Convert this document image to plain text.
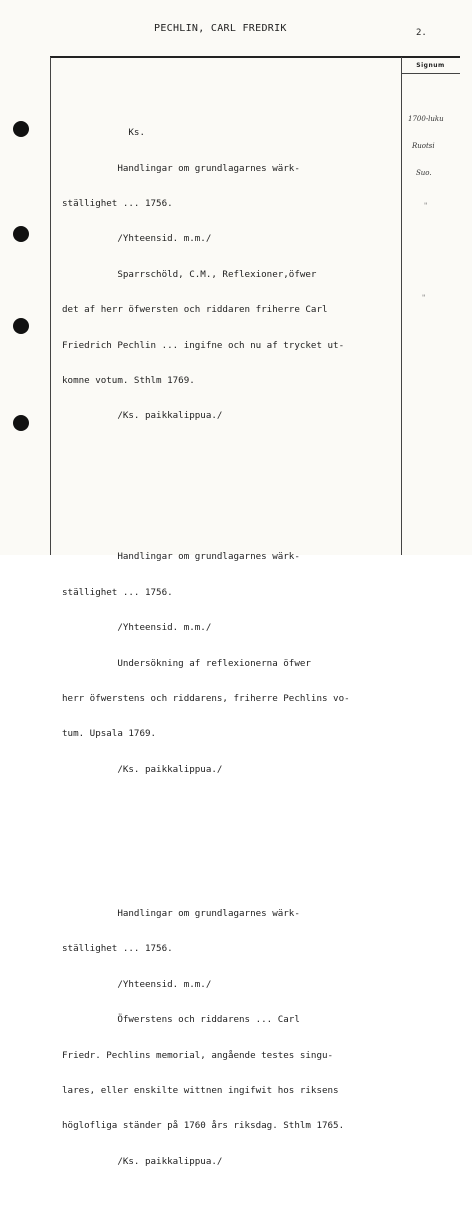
PECHLIN, CARL FREDRIK	2.
Signum

1700-luku

Ruotsi

Suo.

"
"

Ks.

Handlingar om grundlagarnes wärk-

ställighet ... 1756.

/Yhteensid. m.m./

Sparrschöld, C.M., Reflexioner,öfwer

det af herr öfwersten och riddaren friherre Carl

Friedrich Pechlin ... ingifne och nu af trycket ut-

komne votum. Sthlm 1769.

/Ks. paikkalippua./

Handlingar om grundlagarnes wärk-

ställighet ... 1756.

/Yhteensid. m.m./

Undersökning af reflexionerna öfwer

herr öfwerstens och riddarens, friherre Pechlins vo-

tum. Upsala 1769.

/Ks. paikkalippua./

Handlingar om grundlagarnes wärk-

ställighet ... 1756.

/Yhteensid. m.m./

Öfwerstens och riddarens ... Carl

Friedr. Pechlins memorial, angående testes singu-

lares, eller enskilte wittnen ingifwit hos riksens

höglofliga ständer på 1760 års riksdag. Sthlm 1765.

/Ks. paikkalippua./
